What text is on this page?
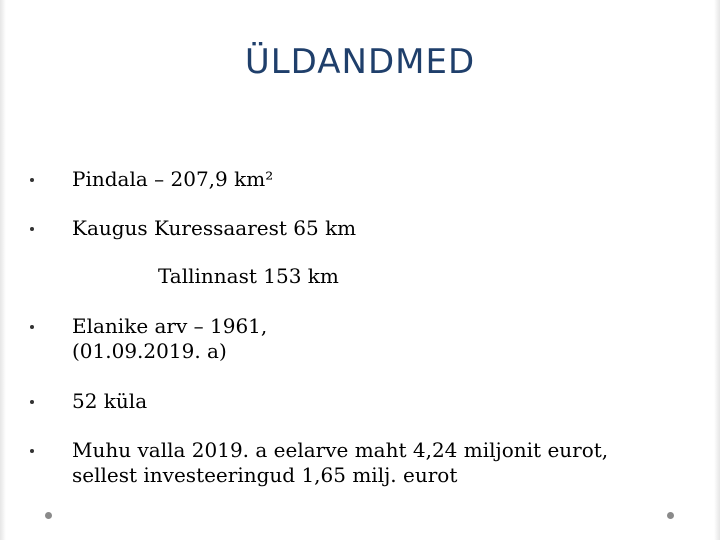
ÜLDANDMED
Pindala – 207,9 km²
Kaugus Kuressaarest 65 km
Tallinnast 153 km
Elanike arv – 1961,
(01.09.2019. a)
52 küla
Muhu valla 2019. a eelarve maht 4,24 miljonit eurot,
sellest investeeringud 1,65 milj. eurot
